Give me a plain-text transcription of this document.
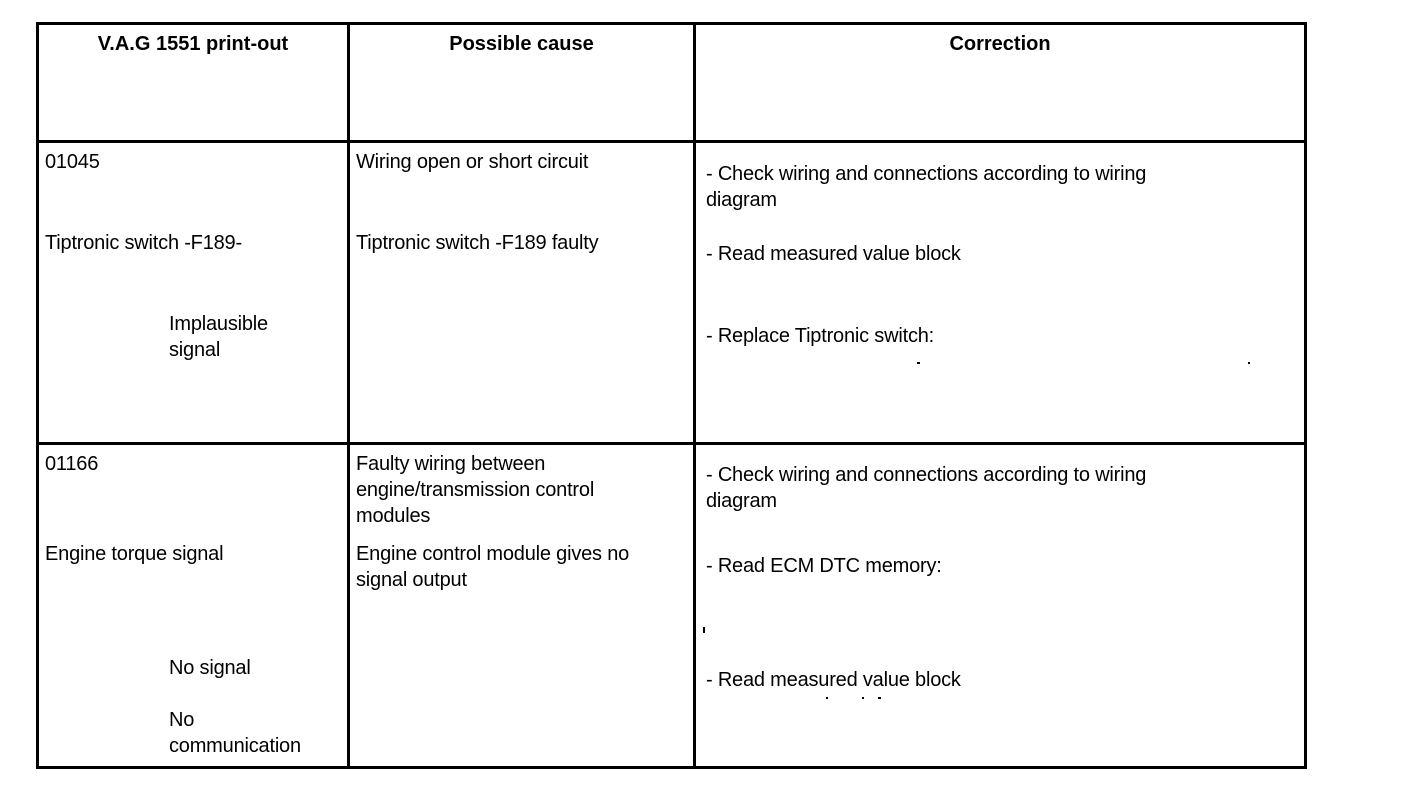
V.A.G 1551 print-out	Possible cause	Correction
01045
Tiptronic switch -F189-
Implausible
signal
Wiring open or short circuit
Tiptronic switch -F189 faulty
- Check wiring and connections according to wiring
diagram
- Read measured value block
- Replace Tiptronic switch:
01166
Engine torque signal
No signal
No
communication
Faulty wiring between
engine/transmission control
modules
Engine control module gives no
signal output
- Check wiring and connections according to wiring
diagram
- Read ECM DTC memory:
- Read measured value block
